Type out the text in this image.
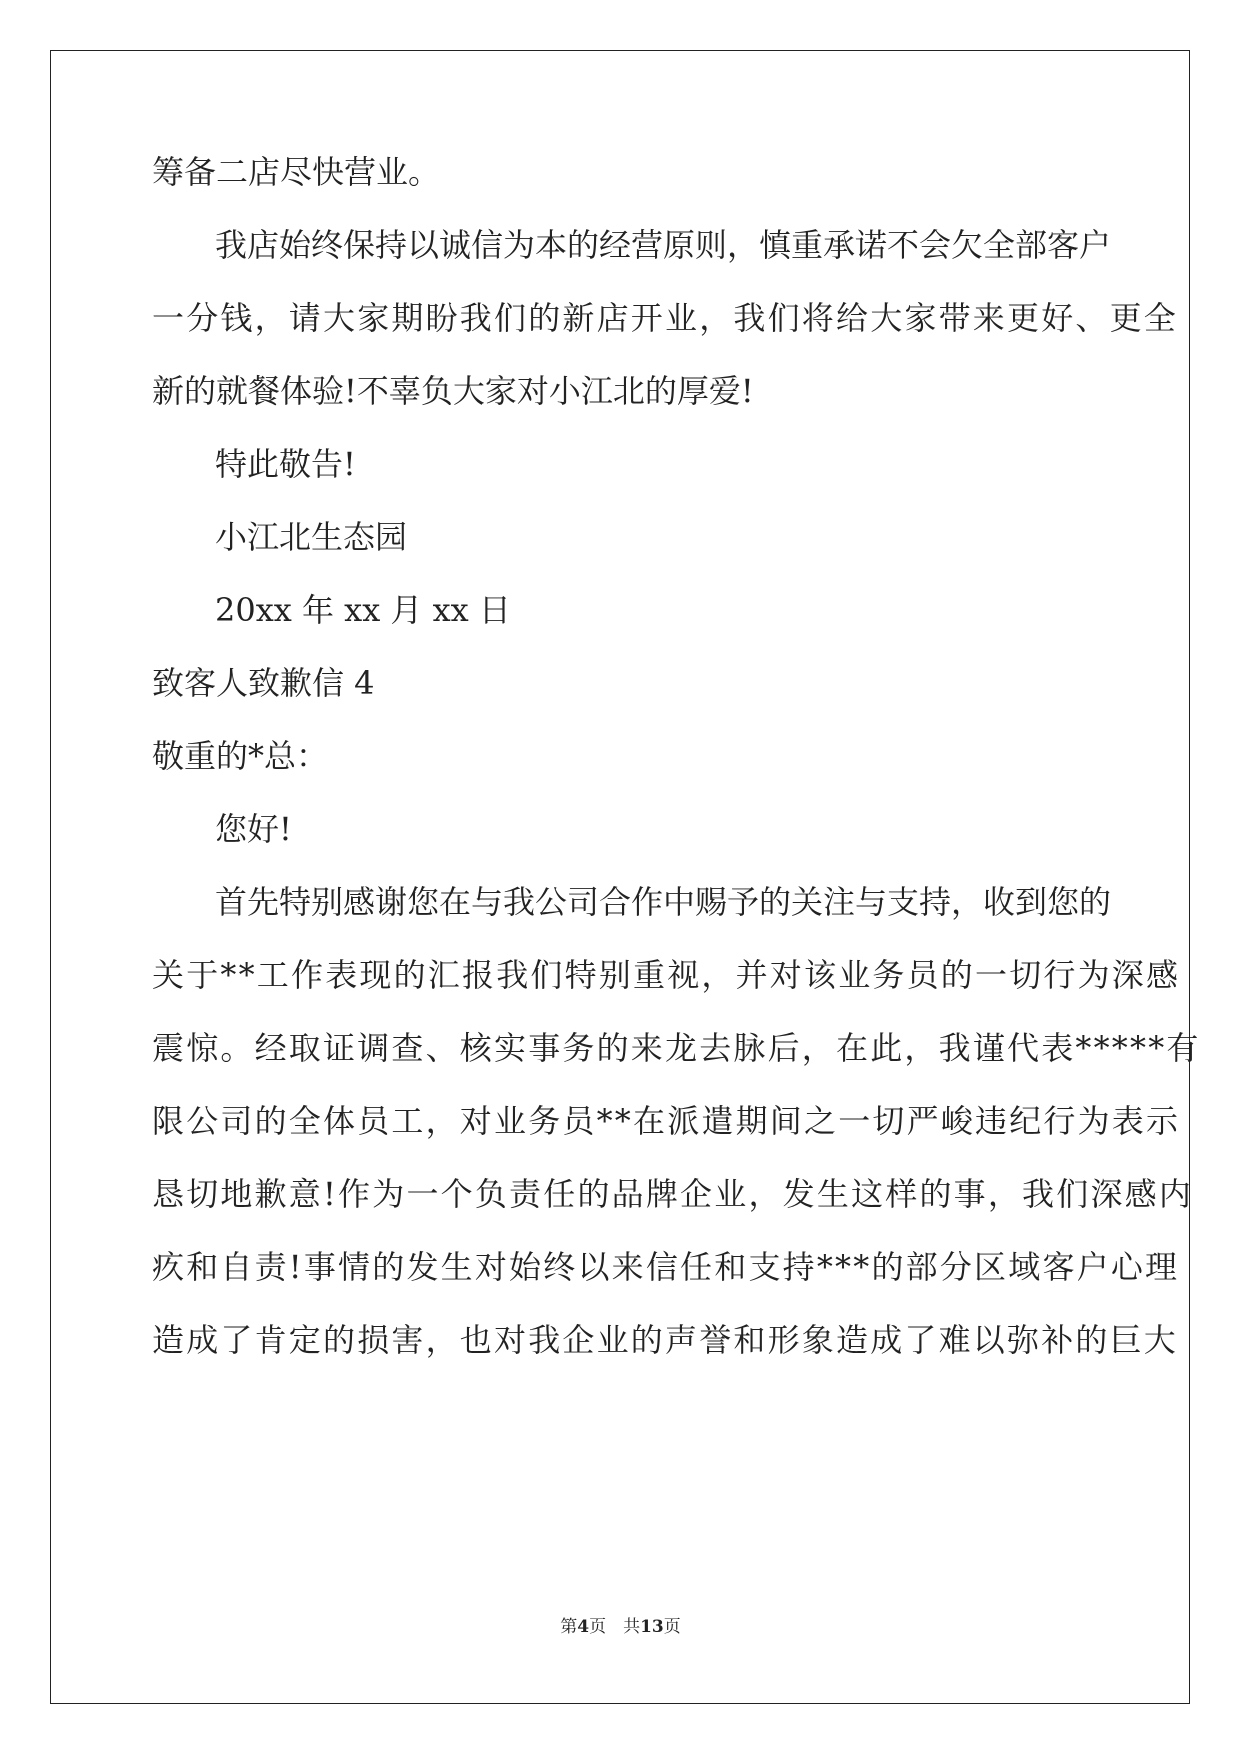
筹备二店尽快营业。

我店始终保持以诚信为本的经营原则，慎重承诺不会欠全部客户

一分钱，请大家期盼我们的新店开业，我们将给大家带来更好、更全

新的就餐体验!不辜负大家对小江北的厚爱!

特此敬告!

小江北生态园

20xx 年 xx 月 xx 日

致客人致歉信 4

敬重的*总：

您好!

首先特别感谢您在与我公司合作中赐予的关注与支持，收到您的

关于**工作表现的汇报我们特别重视，并对该业务员的一切行为深感

震惊。经取证调查、核实事务的来龙去脉后，在此，我谨代表*****有

限公司的全体员工，对业务员**在派遣期间之一切严峻违纪行为表示

恳切地歉意!作为一个负责任的品牌企业，发生这样的事，我们深感内

疚和自责!事情的发生对始终以来信任和支持***的部分区域客户心理

造成了肯定的损害，也对我企业的声誉和形象造成了难以弥补的巨大

第4页　共13页
